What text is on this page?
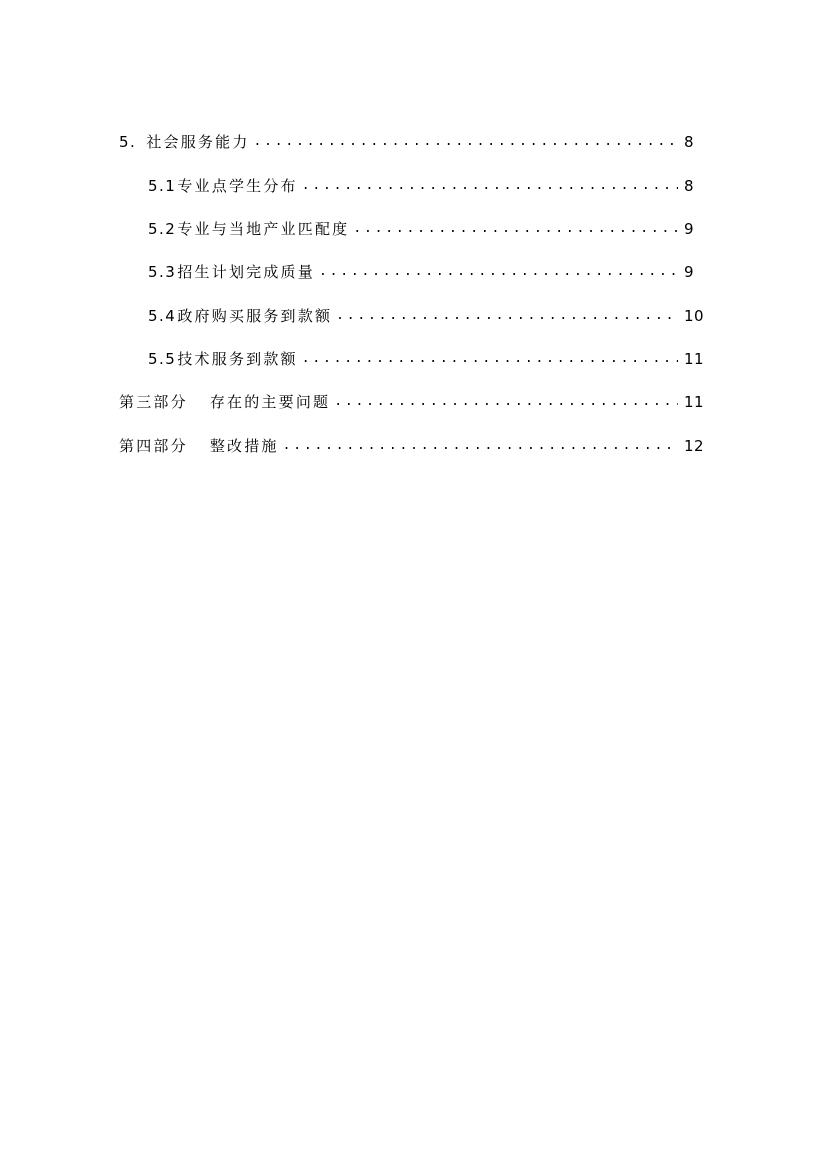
5. 社会服务能力 .....	8
5.1 专业点学生分布 .....	8
5.2 专业与当地产业匹配度 .....	9
5.3 招生计划完成质量 .....	9
5.4 政府购买服务到款额 .....	10
5.5 技术服务到款额 .....	11
第三部分 存在的主要问题 .....	11
第四部分 整改措施 .....	12
